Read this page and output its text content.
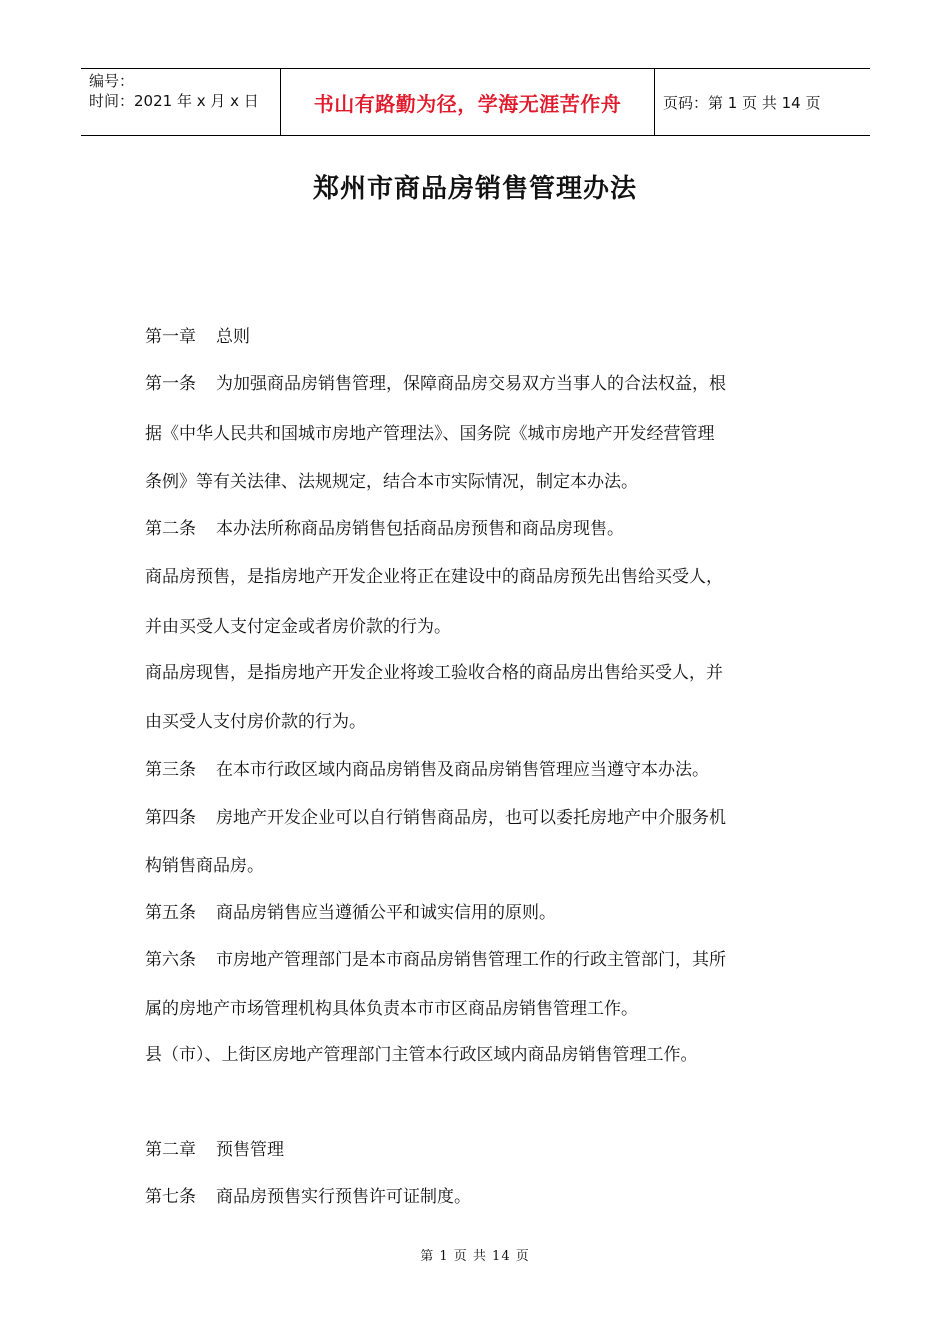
编号：
时间：2021 年 x 月 x 日	书山有路勤为径，学海无涯苦作舟	页码：第 1 页 共 14 页
郑州市商品房销售管理办法

第一章 总则

第一条 为加强商品房销售管理，保障商品房交易双方当事人的合法权益，根

据《中华人民共和国城市房地产管理法》、国务院《城市房地产开发经营管理

条例》等有关法律、法规规定，结合本市实际情况，制定本办法。

第二条 本办法所称商品房销售包括商品房预售和商品房现售。

商品房预售，是指房地产开发企业将正在建设中的商品房预先出售给买受人，

并由买受人支付定金或者房价款的行为。

商品房现售，是指房地产开发企业将竣工验收合格的商品房出售给买受人，并

由买受人支付房价款的行为。

第三条 在本市行政区域内商品房销售及商品房销售管理应当遵守本办法。

第四条 房地产开发企业可以自行销售商品房，也可以委托房地产中介服务机

构销售商品房。

第五条 商品房销售应当遵循公平和诚实信用的原则。

第六条 市房地产管理部门是本市商品房销售管理工作的行政主管部门，其所

属的房地产市场管理机构具体负责本市市区商品房销售管理工作。

县（市）、上街区房地产管理部门主管本行政区域内商品房销售管理工作。

第二章 预售管理

第七条 商品房预售实行预售许可证制度。

第 1 页 共 14 页
